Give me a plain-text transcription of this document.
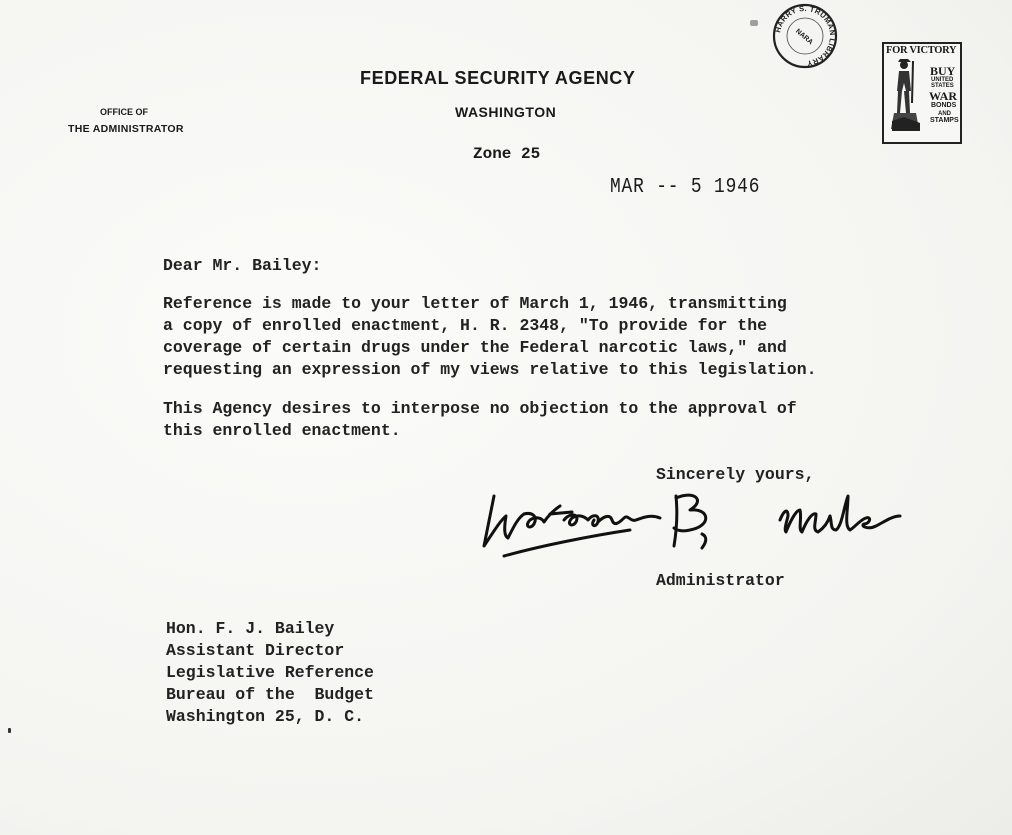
FEDERAL SECURITY AGENCY
WASHINGTON
OFFICE OF
THE ADMINISTRATOR
Zone 25
MAR -- 5 1946
HARRY S. TRUMAN LIBRARY
NARA
FOR VICTORY
BUY
UNITED
STATES
WAR
BONDS
AND
STAMPS
Dear Mr. Bailey:
Reference is made to your letter of March 1, 1946, transmitting
a copy of enrolled enactment, H. R. 2348, "To provide for the
coverage of certain drugs under the Federal narcotic laws," and
requesting an expression of my views relative to this legislation.
This Agency desires to interpose no objection to the approval of
this enrolled enactment.
Sincerely yours,
Administrator
Hon. F. J. Bailey
Assistant Director
Legislative Reference
Bureau of the  Budget
Washington 25, D. C.
